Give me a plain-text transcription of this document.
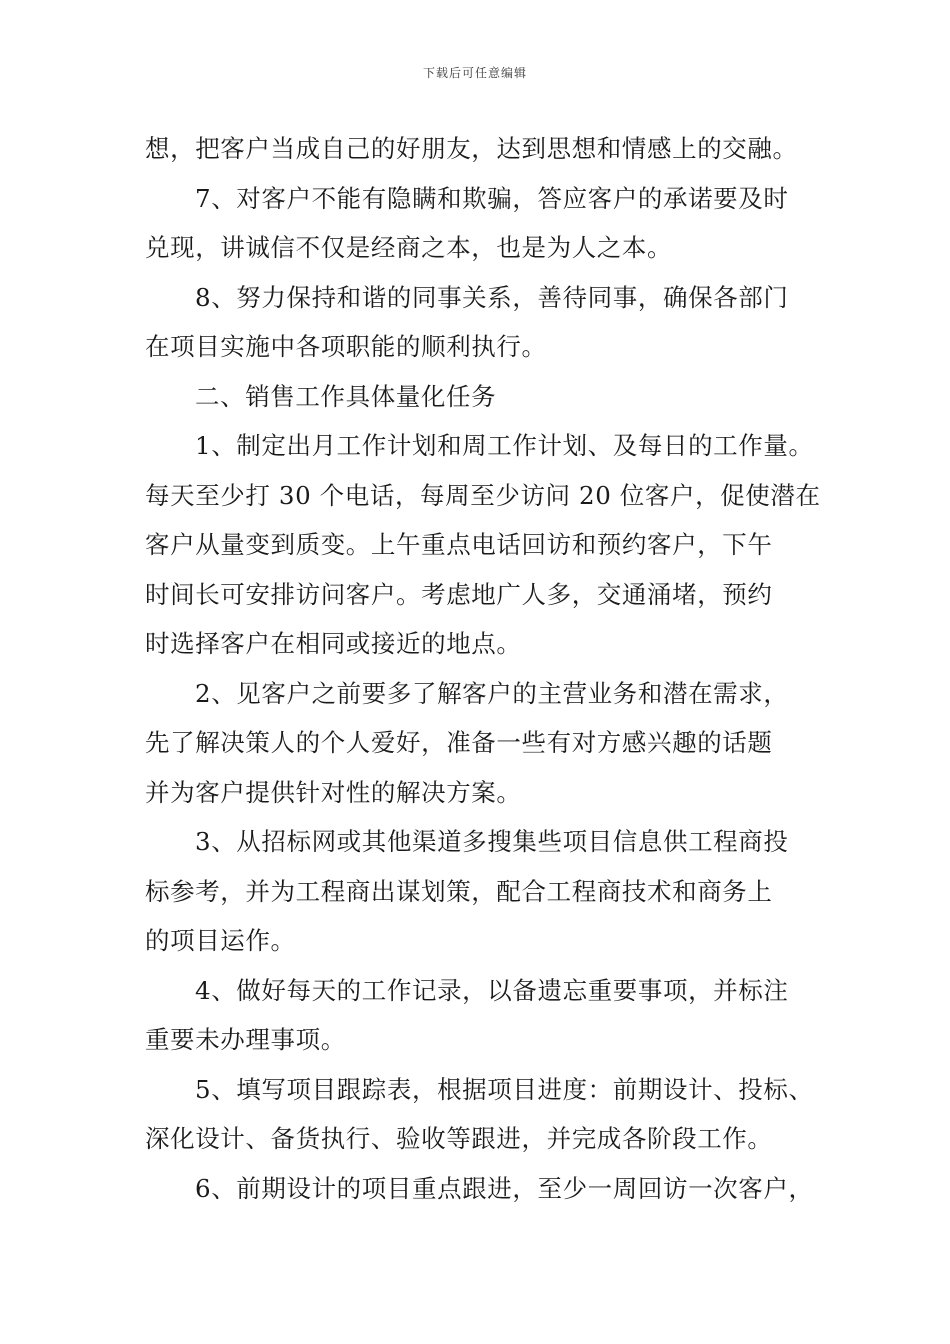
下载后可任意编辑
想，把客户当成自己的好朋友，达到思想和情感上的交融。
7、对客户不能有隐瞒和欺骗，答应客户的承诺要及时
兑现，讲诚信不仅是经商之本，也是为人之本。
8、努力保持和谐的同事关系，善待同事，确保各部门
在项目实施中各项职能的顺利执行。
二、销售工作具体量化任务
1、制定出月工作计划和周工作计划、及每日的工作量。
每天至少打 30 个电话，每周至少访问 20 位客户，促使潜在
客户从量变到质变。上午重点电话回访和预约客户，下午
时间长可安排访问客户。考虑地广人多，交通涌堵，预约
时选择客户在相同或接近的地点。
2、见客户之前要多了解客户的主营业务和潜在需求，
先了解决策人的个人爱好，准备一些有对方感兴趣的话题
并为客户提供针对性的解决方案。
3、从招标网或其他渠道多搜集些项目信息供工程商投
标参考，并为工程商出谋划策，配合工程商技术和商务上
的项目运作。
4、做好每天的工作记录，以备遗忘重要事项，并标注
重要未办理事项。
5、填写项目跟踪表，根据项目进度：前期设计、投标、
深化设计、备货执行、验收等跟进，并完成各阶段工作。
6、前期设计的项目重点跟进，至少一周回访一次客户，
